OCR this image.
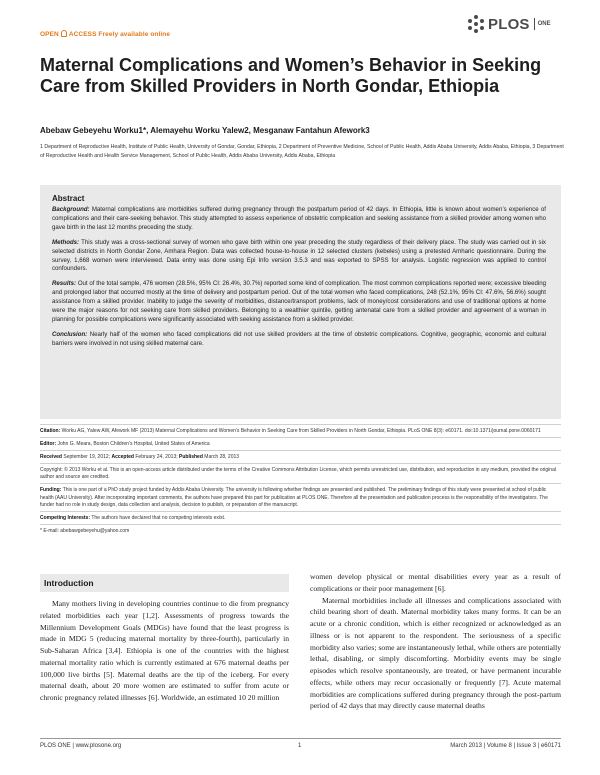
OPEN ACCESS Freely available online
PLOS	ONE
Maternal Complications and Women’s Behavior in Seeking Care from Skilled Providers in North Gondar, Ethiopia
Abebaw Gebeyehu Worku1*, Alemayehu Worku Yalew2, Mesganaw Fantahun Afework3
1 Department of Reproductive Health, Institute of Public Health, University of Gondar, Gondar, Ethiopia, 2 Department of Preventive Medicine, School of Public Health, Addis Ababa University, Addis Ababa, Ethiopia, 3 Department of Reproductive Health and Health Service Management, School of Public Health, Addis Ababa University, Addis Ababa, Ethiopia
Abstract

Background: Maternal complications are morbidities suffered during pregnancy through the postpartum period of 42 days. In Ethiopia, little is known about women’s experience of complications and their care-seeking behavior. This study attempted to assess experience of obstetric complication and seeking assistance from a skilled provider among women who gave birth in the last 12 months preceding the study.

Methods: This study was a cross-sectional survey of women who gave birth within one year preceding the study regardless of their delivery place. The study was carried out in six selected districts in North Gondar Zone, Amhara Region. Data was collected house-to-house in 12 selected clusters (kebeles) using a pretested Amharic questionnaire. During the survey, 1,668 women were interviewed. Data entry was done using Epi Info version 3.5.3 and was exported to SPSS for analysis. Logistic regression was applied to control confounders.

Results: Out of the total sample, 476 women (28.5%, 95% CI: 26.4%, 30.7%) reported some kind of complication. The most common complications reported were; excessive bleeding and prolonged labor that occurred mostly at the time of delivery and postpartum period. Out of the total women who faced complications, 248 (52.1%, 95% CI: 47.6%, 56.6%) sought assistance from a skilled provider. Inability to judge the severity of morbidities, distance/transport problems, lack of money/cost considerations and use of traditional options at home were the major reasons for not seeking care from skilled providers. Belonging to a wealthier quintile, getting antenatal care from a skilled provider and agreement of a woman in planning for possible complications were significantly associated with seeking assistance from a skilled provider.

Conclusion: Nearly half of the women who faced complications did not use skilled providers at the time of obstetric complications. Cognitive, geographic, economic and cultural barriers were involved in not using skilled maternal care.

Citation: Worku AG, Yalew AW, Afework MF (2013) Maternal Complications and Women’s Behavior in Seeking Care from Skilled Providers in North Gondar, Ethiopia. PLoS ONE 8(3): e60171. doi:10.1371/journal.pone.0060171
Editor: John G. Meara, Boston Children’s Hospital, United States of America
Received September 19, 2012; Accepted February 24, 2013; Published March 28, 2013
Copyright: © 2013 Worku et al. This is an open-access article distributed under the terms of the Creative Commons Attribution License, which permits unrestricted use, distribution, and reproduction in any medium, provided the original author and source are credited.
Funding: This is one part of a PhD study project funded by Addis Ababa University. The university is following whether findings are presented and published. The preliminary findings of this study were presented at school of public health (AAU University). After incorporating important comments, the authors have prepared this part for publication at PLOS ONE. Therefore all the presentation and publication process is the responsibility of the investigators. The funder had no role in study design, data collection and analysis, decision to publish, or preparation of the manuscript.
Competing Interests: The authors have declared that no competing interests exist.
* E-mail: abebawgebeyehu@yahoo.com
Introduction
Many mothers living in developing countries continue to die from pregnancy related morbidities each year [1,2]. Assessments of progress towards the Millennium Development Goals (MDGs) have found that the least progress is made in MDG 5 (reducing maternal mortality by three-fourth), particularly in Sub-Saharan Africa [3,4]. Ethiopia is one of the countries with the highest maternal mortality ratio which is currently estimated at 676 maternal deaths per 100,000 live births [5]. Maternal deaths are the tip of the iceberg. For every maternal death, about 20 more women are estimated to suffer from acute or chronic pregnancy related illnesses [6]. Worldwide, an estimated 10 20 million

women develop physical or mental disabilities every year as a result of complications or their poor management [6].

Maternal morbidities include all illnesses and complications associated with child bearing short of death. Maternal morbidity takes many forms. It can be an acute or a chronic condition, which is either recognized or acknowledged as an illness or is not apparent to the respondent. The seriousness of a specific morbidity also varies; some are instantaneously lethal, while others are potentially lethal, disabling, or simply discomforting. Morbidity events may be single episodes which resolve spontaneously, are treated, or have permanent incurable effects, while others may recur occasionally or frequently [7]. Acute maternal morbidities are complications suffered during pregnancy through the post-partum period of 42 days that may directly cause maternal deaths

PLOS ONE | www.plosone.org	1	March 2013 | Volume 8 | Issue 3 | e60171
